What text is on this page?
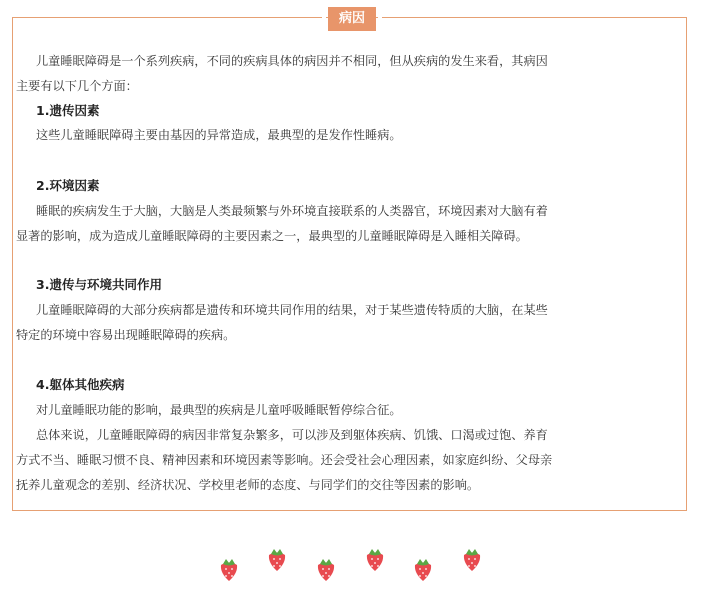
病因
儿童睡眠障碍是一个系列疾病，不同的疾病具体的病因并不相同，但从疾病的发生来看，其病因
主要有以下几个方面：
1.遗传因素
这些儿童睡眠障碍主要由基因的异常造成，最典型的是发作性睡病。
2.环境因素
睡眠的疾病发生于大脑，大脑是人类最频繁与外环境直接联系的人类器官，环境因素对大脑有着
显著的影响，成为造成儿童睡眠障碍的主要因素之一，最典型的儿童睡眠障碍是入睡相关障碍。
3.遗传与环境共同作用
儿童睡眠障碍的大部分疾病都是遗传和环境共同作用的结果，对于某些遗传特质的大脑，在某些
特定的环境中容易出现睡眠障碍的疾病。
4.躯体其他疾病
对儿童睡眠功能的影响，最典型的疾病是儿童呼吸睡眠暂停综合征。
总体来说，儿童睡眠障碍的病因非常复杂繁多，可以涉及到躯体疾病、饥饿、口渴或过饱、养育
方式不当、睡眠习惯不良、精神因素和环境因素等影响。还会受社会心理因素，如家庭纠纷、父母亲
抚养儿童观念的差别、经济状况、学校里老师的态度、与同学们的交往等因素的影响。
